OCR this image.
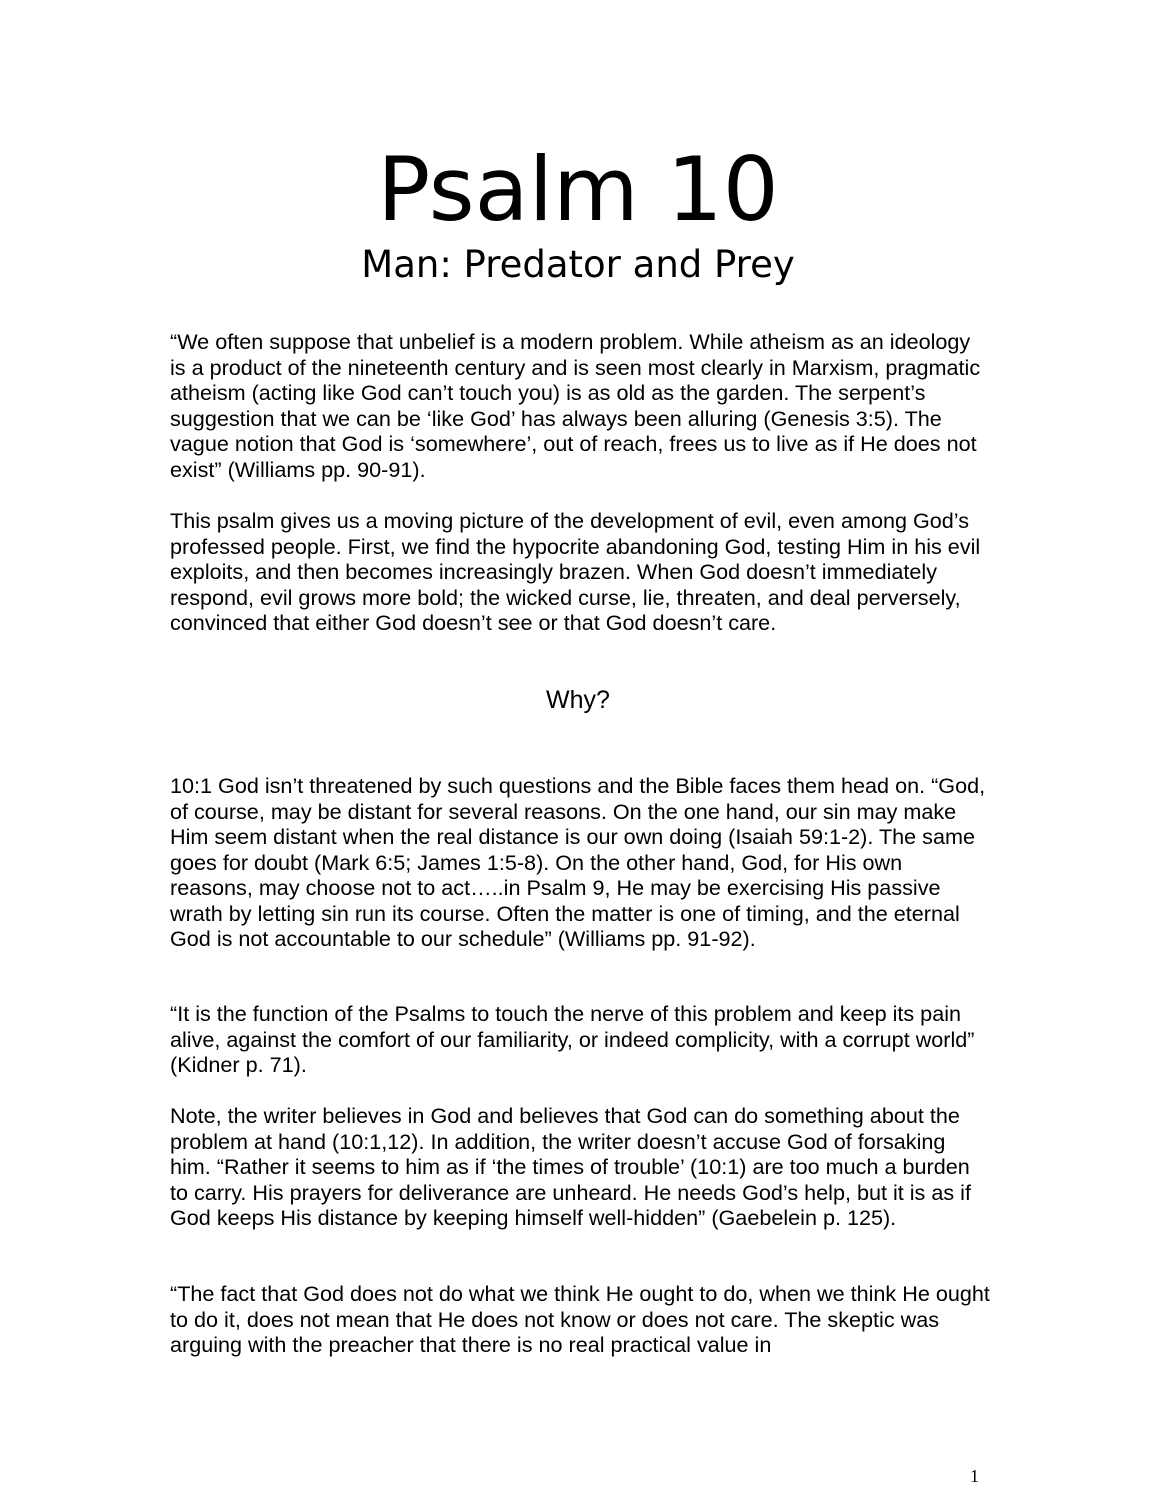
Psalm 10
Man: Predator and Prey

“We often suppose that unbelief is a modern problem. While atheism as an ideology is a product of the nineteenth century and is seen most clearly in Marxism, pragmatic atheism (acting like God can’t touch you) is as old as the garden. The serpent’s suggestion that we can be ‘like God’ has always been alluring (Genesis 3:5). The vague notion that God is ‘somewhere’, out of reach, frees us to live as if He does not exist” (Williams pp. 90-91).

This psalm gives us a moving picture of the development of evil, even among God’s professed people. First, we find the hypocrite abandoning God, testing Him in his evil exploits, and then becomes increasingly brazen. When God doesn’t immediately respond, evil grows more bold; the wicked curse, lie, threaten, and deal perversely, convinced that either God doesn’t see or that God doesn’t care.

Why?

10:1 God isn’t threatened by such questions and the Bible faces them head on. “God, of course, may be distant for several reasons. On the one hand, our sin may make Him seem distant when the real distance is our own doing (Isaiah 59:1-2). The same goes for doubt (Mark 6:5; James 1:5-8). On the other hand, God, for His own reasons, may choose not to act…..in Psalm 9, He may be exercising His passive wrath by letting sin run its course. Often the matter is one of timing, and the eternal God is not accountable to our schedule” (Williams pp. 91-92).

“It is the function of the Psalms to touch the nerve of this problem and keep its pain alive, against the comfort of our familiarity, or indeed complicity, with a corrupt world” (Kidner p. 71).

Note, the writer believes in God and believes that God can do something about the problem at hand (10:1,12). In addition, the writer doesn’t accuse God of forsaking him. “Rather it seems to him as if ‘the times of trouble’ (10:1) are too much a burden to carry. His prayers for deliverance are unheard. He needs God’s help, but it is as if God keeps His distance by keeping himself well-hidden” (Gaebelein p. 125).

“The fact that God does not do what we think He ought to do, when we think He ought to do it, does not mean that He does not know or does not care. The skeptic was arguing with the preacher that there is no real practical value in

1
